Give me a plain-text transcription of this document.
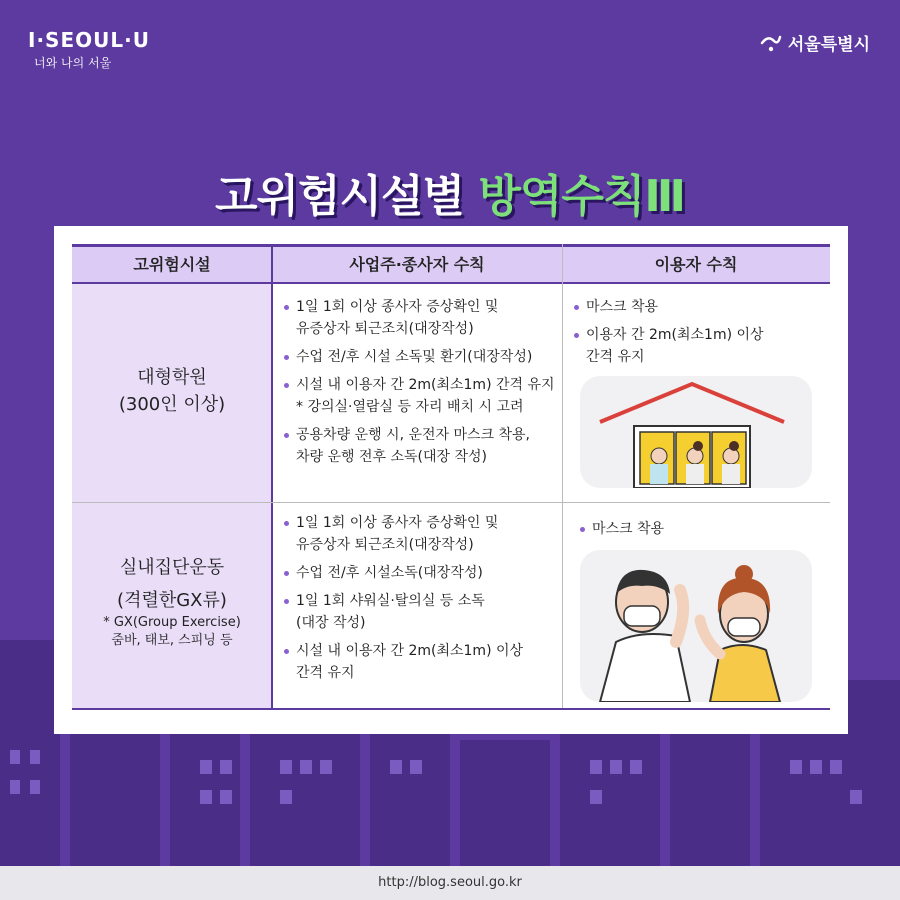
I·SEOUL·U
너와 나의 서울
서울특별시
고위험시설별 방역수칙Ⅲ
고위험시설	사업주·종사자 수칙	이용자 수칙
대형학원
(300인 이상)
1일 1회 이상 종사자 증상확인 및
유증상자 퇴근조치(대장작성)
수업 전/후 시설 소독및 환기(대장작성)
시설 내 이용자 간 2m(최소1m) 간격 유지
* 강의실·열람실 등 자리 배치 시 고려
공용차량 운행 시, 운전자 마스크 착용,
차량 운행 전후 소독(대장 작성)
마스크 착용
이용자 간 2m(최소1m) 이상
간격 유지
실내집단운동
(격렬한GX류)
* GX(Group Exercise)
줌바, 태보, 스피닝 등
1일 1회 이상 종사자 증상확인 및
유증상자 퇴근조치(대장작성)
수업 전/후 시설소독(대장작성)
1일 1회 샤워실·탈의실 등 소독
(대장 작성)
시설 내 이용자 간 2m(최소1m) 이상
간격 유지
마스크 착용
http://blog.seoul.go.kr
